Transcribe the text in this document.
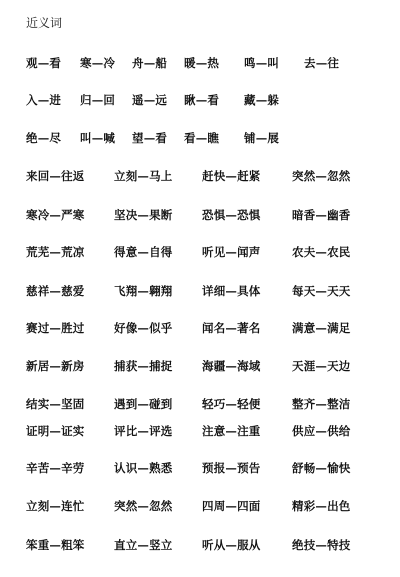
近义词
观—看 寒—冷 舟—船 暖—热 鸣—叫 去—往
入—进 归—回 遥—远 瞅—看 藏—躲
绝—尽 叫—喊 望—看 看—瞧 铺—展
来回—往返	立刻—马上	赶快—赶紧	突然—忽然
寒冷—严寒	坚决—果断	恐惧—恐惧	暗香—幽香
荒芜—荒凉	得意—自得	听见—闻声	农夫—农民
慈祥—慈爱	飞翔—翱翔	详细—具体	每天—天天
赛过—胜过	好像—似乎	闻名—著名	满意—满足
新居—新房	捕获—捕捉	海疆—海域	天涯—天边
结实—坚固	遇到—碰到	轻巧—轻便	整齐—整洁
证明—证实	评比—评选	注意—注重	供应—供给
辛苦—辛劳	认识—熟悉	预报—预告	舒畅—愉快
立刻—连忙	突然—忽然	四周—四面	精彩—出色
笨重—粗笨	直立—竖立	听从—服从	绝技—特技
